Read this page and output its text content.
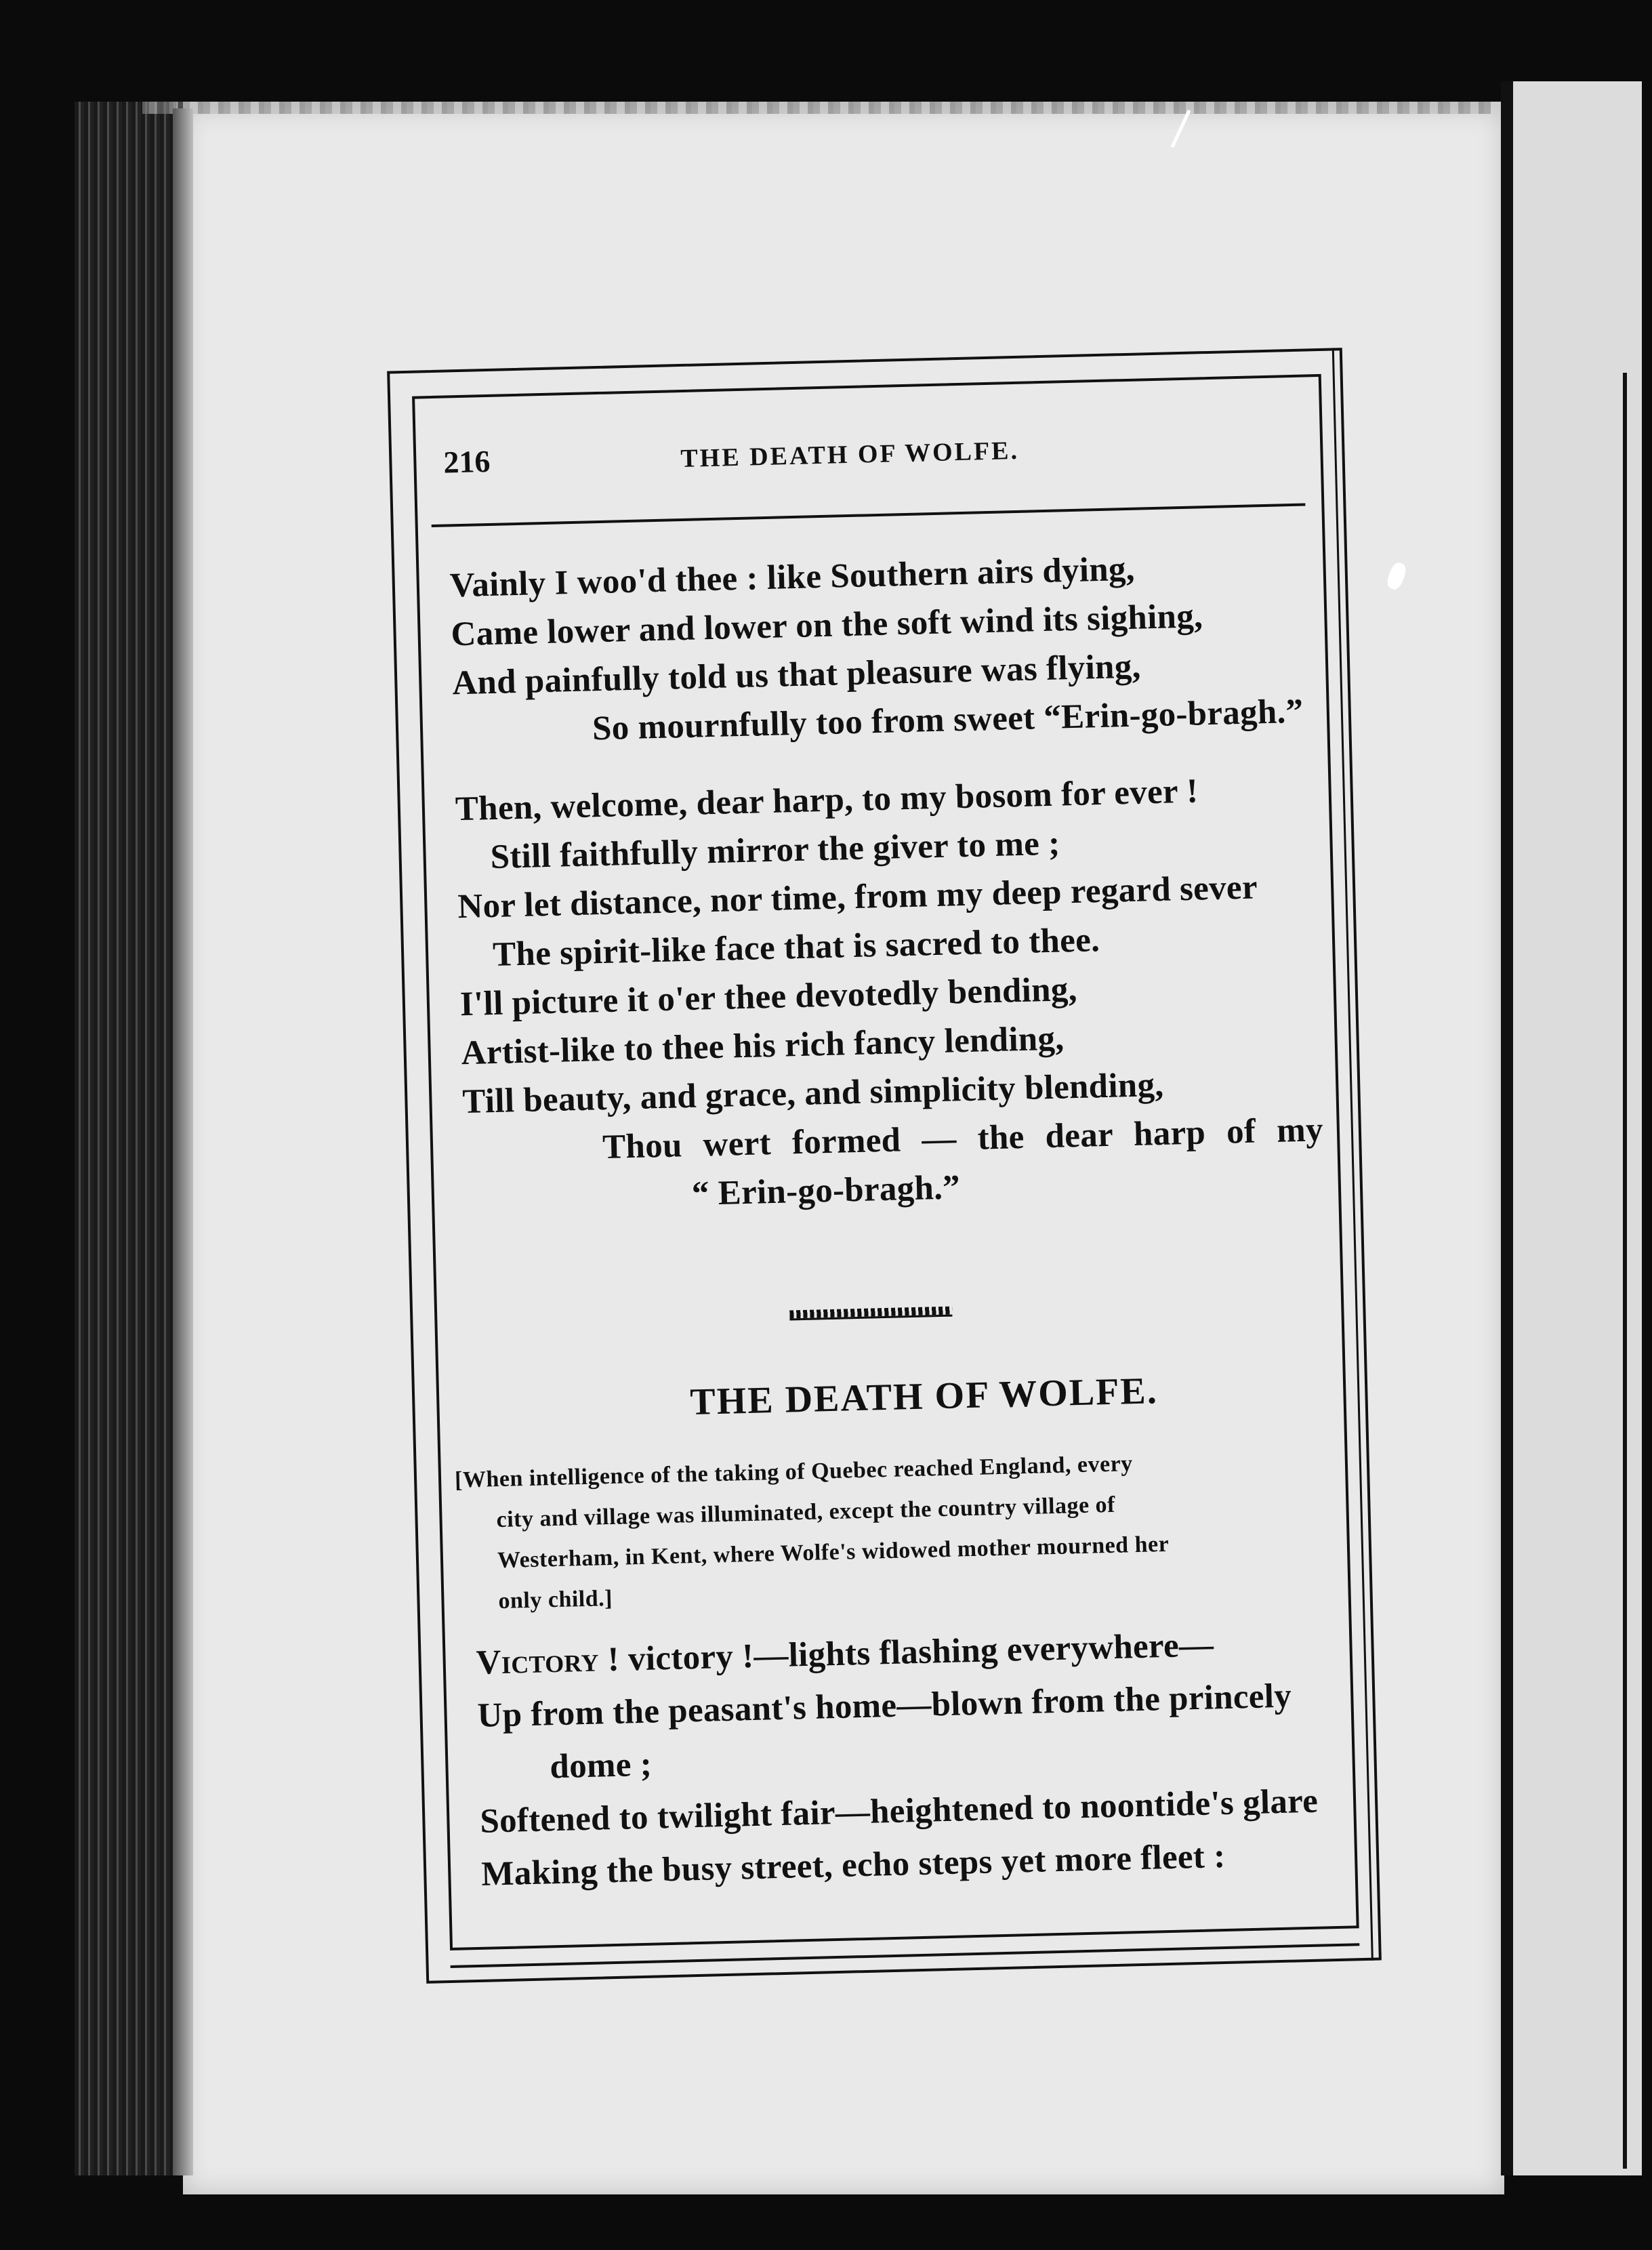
216	THE DEATH OF WOLFE.
Vainly I woo'd thee : like Southern airs dying,
Came lower and lower on the soft wind its sighing,
And painfully told us that pleasure was flying,
So mournfully too from sweet “Erin-go-bragh.”
Then, welcome, dear harp, to my bosom for ever !
Still faithfully mirror the giver to me ;
Nor let distance, nor time, from my deep regard sever
The spirit-like face that is sacred to thee.
I'll picture it o'er thee devotedly bending,
Artist-like to thee his rich fancy lending,
Till beauty, and grace, and simplicity blending,
Thou wert formed — the dear harp of my
“ Erin-go-bragh.”
THE DEATH OF WOLFE.
[When intelligence of the taking of Quebec reached England, every
city and village was illuminated, except the country village of
Westerham, in Kent, where Wolfe's widowed mother mourned her
only child.]
Victory ! victory !—lights flashing everywhere—
Up from the peasant's home—blown from the princely
dome ;
Softened to twilight fair—heightened to noontide's glare
Making the busy street, echo steps yet more fleet :
